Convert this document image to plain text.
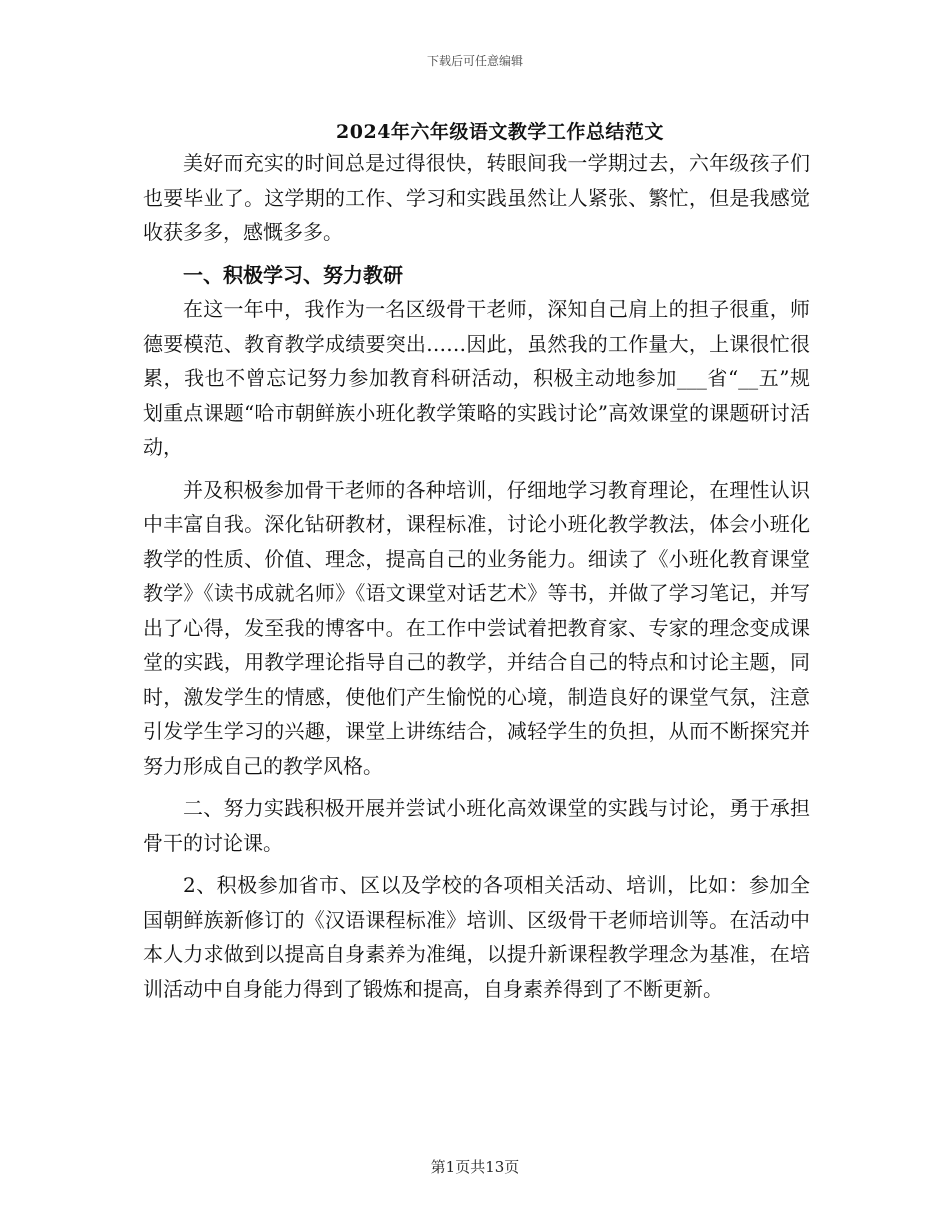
下载后可任意编辑
2024年六年级语文教学工作总结范文

美好而充实的时间总是过得很快，转眼间我一学期过去，六年级孩子们也要毕业了。这学期的工作、学习和实践虽然让人紧张、繁忙，但是我感觉收获多多，感慨多多。

一、积极学习、努力教研

在这一年中，我作为一名区级骨干老师，深知自己肩上的担子很重，师德要模范、教育教学成绩要突出……因此，虽然我的工作量大，上课很忙很累，我也不曾忘记努力参加教育科研活动，积极主动地参加___省“__五”规划重点课题“哈市朝鲜族小班化教学策略的实践讨论”高效课堂的课题研讨活动，

并及积极参加骨干老师的各种培训，仔细地学习教育理论，在理性认识中丰富自我。深化钻研教材，课程标准，讨论小班化教学教法，体会小班化教学的性质、价值、理念，提高自己的业务能力。细读了《小班化教育课堂教学》《读书成就名师》《语文课堂对话艺术》等书，并做了学习笔记，并写出了心得，发至我的博客中。在工作中尝试着把教育家、专家的理念变成课堂的实践，用教学理论指导自己的教学，并结合自己的特点和讨论主题，同时，激发学生的情感，使他们产生愉悦的心境，制造良好的课堂气氛，注意引发学生学习的兴趣，课堂上讲练结合，减轻学生的负担，从而不断探究并努力形成自己的教学风格。

二、努力实践积极开展并尝试小班化高效课堂的实践与讨论，勇于承担骨干的讨论课。

2、积极参加省市、区以及学校的各项相关活动、培训，比如：参加全国朝鲜族新修订的《汉语课程标准》培训、区级骨干老师培训等。在活动中本人力求做到以提高自身素养为准绳，以提升新课程教学理念为基准，在培训活动中自身能力得到了锻炼和提高，自身素养得到了不断更新。

第1页共13页
